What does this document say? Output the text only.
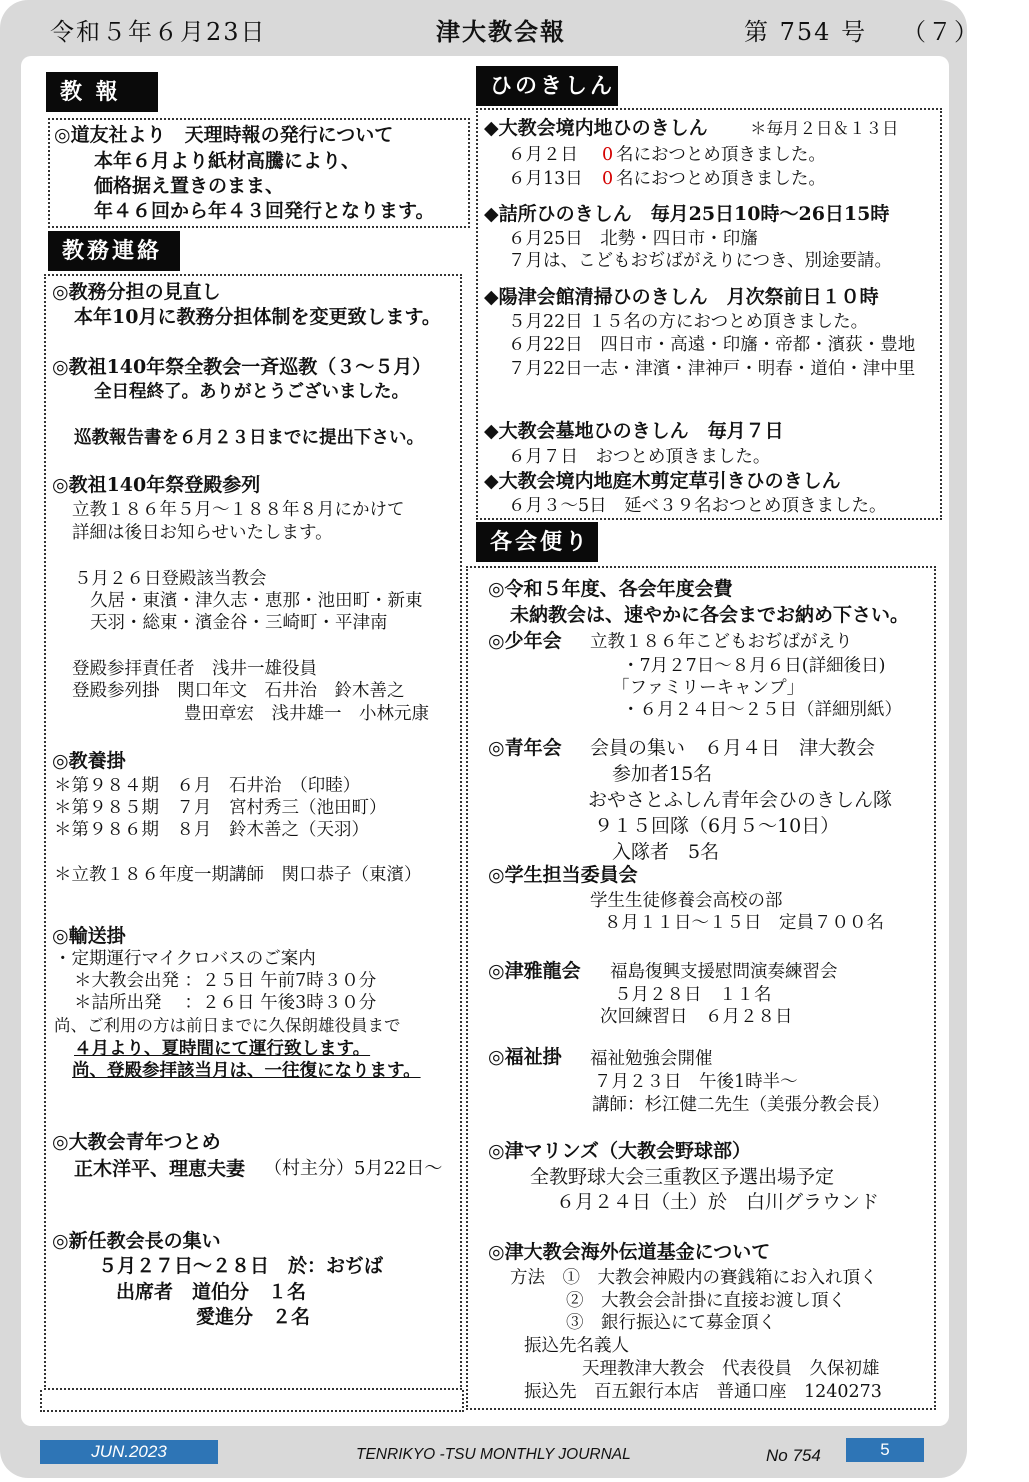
令和５年６月23日	津大教会報	第 754 号 （７）
教 報
◎道友社より　天理時報の発行について
本年６月より紙材高騰により、
価格据え置きのまま、
年４６回から年４３回発行となります。
教務連絡
◎教務分担の見直し
本年10月に教務分担体制を変更致します。
◎教祖140年祭全教会一斉巡教（３～５月）
全日程終了。ありがとうございました。
巡教報告書を６月２３日までに提出下さい。
◎教祖140年祭登殿参列
立教１８６年５月～１８８年８月にかけて
詳細は後日お知らせいたします。
５月２６日登殿該当教会
久居・東濱・津久志・恵那・池田町・新東
天羽・総東・濱金谷・三崎町・平津南
登殿参拝責任者　浅井一雄役員
登殿参列掛　関口年文　石井治　鈴木善之
豊田章宏　浅井雄一　小林元康
◎教養掛
＊第９８４期　６月　石井治　（印睦）
＊第９８５期　７月　宮村秀三（池田町）
＊第９８６期　８月　鈴木善之（天羽）
＊立教１８６年度一期講師　関口恭子（東濱）
◎輸送掛
・定期運行マイクロバスのご案内
＊大教会出発 ：２５日 午前7時３０分
＊詰所出発　 ：２６日 午後3時３０分
尚、ご利用の方は前日までに久保朗雄役員まで
４月より、夏時間にて運行致します。
尚、登殿参拝該当月は、一往復になります。
◎大教会青年つとめ
正木洋平、理恵夫妻 （村主分）5月22日～
◎新任教会長の集い
５月２７日～２８日　於：おぢば
出席者　道伯分　１名
愛進分　２名
ひのきしん
◆大教会境内地ひのきしん	＊毎月２日＆１３日
６月２日 0 名におつとめ頂きました。
６月13日 0 名におつとめ頂きました。
◆詰所ひのきしん　毎月25日10時～26日15時
６月25日　北勢・四日市・印旛
７月は、こどもおぢばがえりにつき、別途要請。
◆陽津会館清掃ひのきしん　月次祭前日１０時
５月22日 １５名の方におつとめ頂きました。
６月22日　四日市・高遠・印旛・帝都・濱荻・豊地
７月22日一志・津濱・津神戸・明春・道伯・津中里
◆大教会墓地ひのきしん　毎月７日
６月７日　おつとめ頂きました。
◆大教会境内地庭木剪定草引きひのきしん
６月３～5日　延べ３９名おつとめ頂きました。
各会便り
◎令和５年度、各会年度会費
未納教会は、速やかに各会までお納め下さい。
◎少年会 立教１８６年こどもおぢばがえり
・7月２7日～８月６日(詳細後日)
「ファミリーキャンプ」
・６月２４日～２５日（詳細別紙）
◎青年会 会員の集い　６月４日　津大教会
参加者15名
おやさとふしん青年会ひのきしん隊
９１５回隊（6月５～10日）
入隊者　5名
◎学生担当委員会
学生生徒修養会高校の部
８月１１日～１５日　定員７００名
◎津雅龍会 福島復興支援慰問演奏練習会
５月２８日　１１名
次回練習日　６月２８日
◎福祉掛 福祉勉強会開催
７月２３日　午後1時半～
講師：杉江健二先生（美張分教会長）
◎津マリンズ（大教会野球部）
全教野球大会三重教区予選出場予定
６月２４日（土）於　白川グラウンド
◎津大教会海外伝道基金について
方法　①　大教会神殿内の賽銭箱にお入れ頂く
②　大教会会計掛に直接お渡し頂く
③　銀行振込にて募金頂く
振込先名義人
天理教津大教会　代表役員　久保初雄
振込先　百五銀行本店　普通口座　1240273
JUN.2023	TENRIKYO -TSU MONTHLY JOURNAL	No 754	5
